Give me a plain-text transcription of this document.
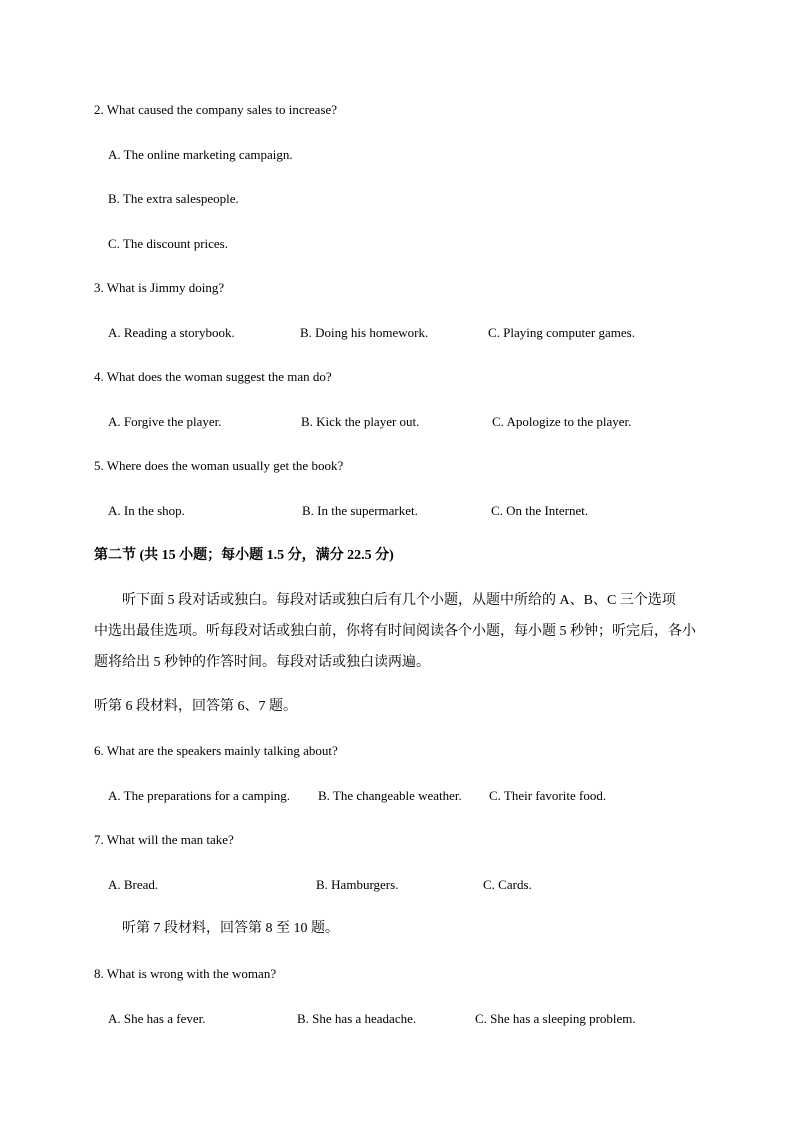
2. What caused the company sales to increase?
A. The online marketing campaign.
B. The extra salespeople.
C. The discount prices.
3. What is Jimmy doing?
A. Reading a storybook.	B. Doing his homework.	C. Playing computer games.
4. What does the woman suggest the man do?
A. Forgive the player.	B. Kick the player out.	C. Apologize to the player.
5. Where does the woman usually get the book?
A. In the shop.	B. In the supermarket.	C. On the Internet.
第二节 (共 15 小题；每小题 1.5 分，满分 22.5 分)
听下面 5 段对话或独白。每段对话或独白后有几个小题，从题中所给的 A、B、C 三个选项
中选出最佳选项。听每段对话或独白前，你将有时间阅读各个小题，每小题 5 秒钟；听完后，各小
题将给出 5 秒钟的作答时间。每段对话或独白读两遍。
听第 6 段材料，回答第 6、7 题。
6. What are the speakers mainly talking about?
A. The preparations for a camping. B. The changeable weather. C. Their favorite food.
7. What will the man take?
A. Bread.	B. Hamburgers.	C. Cards.
听第 7 段材料，回答第 8 至 10 题。
8. What is wrong with the woman?
A. She has a fever.	B. She has a headache.	C. She has a sleeping problem.
